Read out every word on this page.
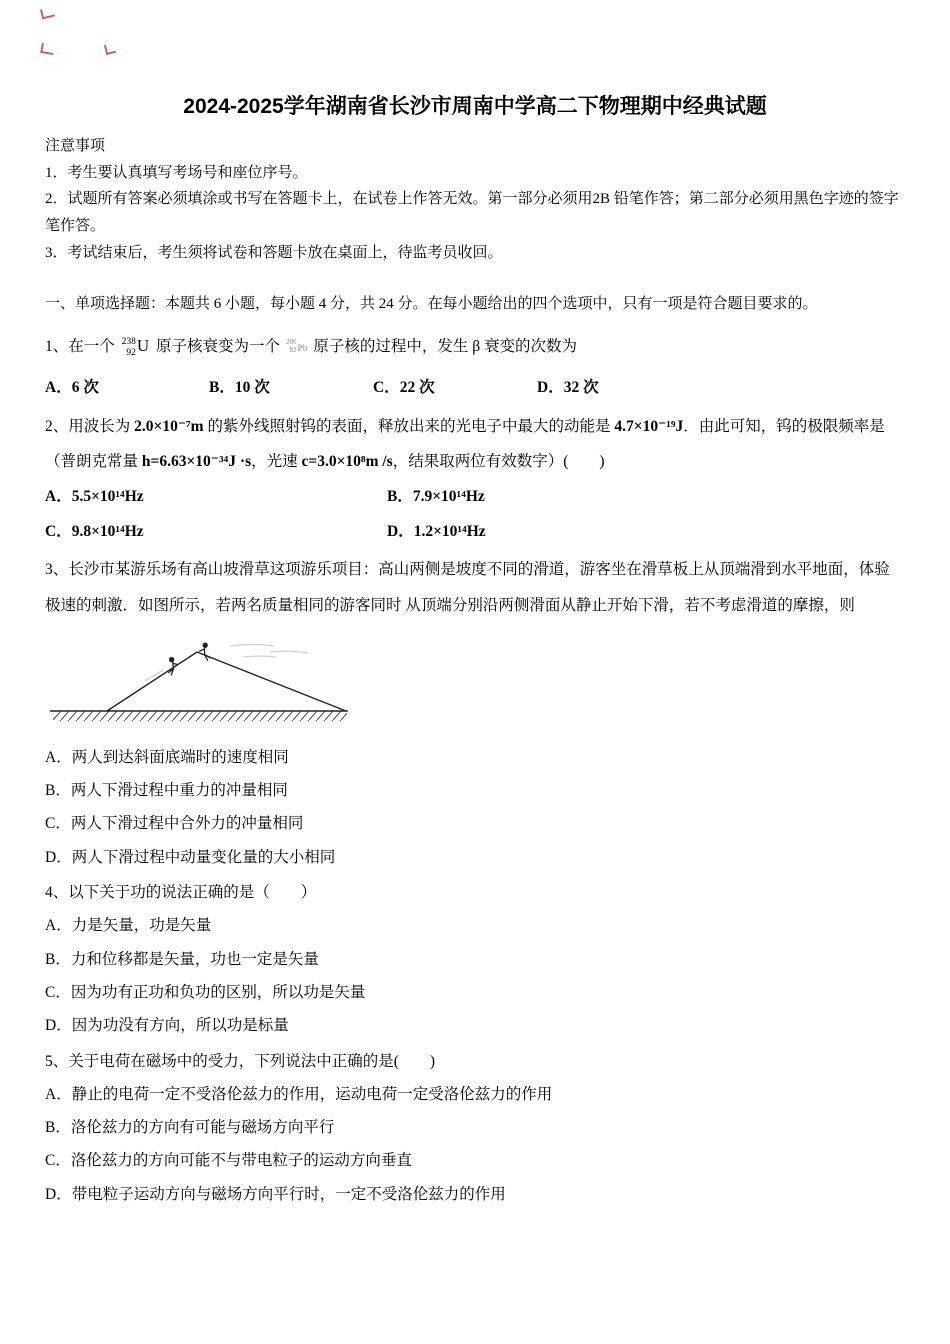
2024-2025学年湖南省长沙市周南中学高二下物理期中经典试题
注意事项
1．考生要认真填写考场号和座位序号。
2．试题所有答案必须填涂或书写在答题卡上，在试卷上作答无效。第一部分必须用2B 铅笔作答；第二部分必须用黑色字迹的签字笔作答。
3．考试结束后，考生须将试卷和答题卡放在桌面上，待监考员收回。
一、单项选择题：本题共 6 小题，每小题 4 分，共 24 分。在每小题给出的四个选项中，只有一项是符合题目要求的。
1、在一个 238
92 U 原子核衰变为一个 206
82 Pb 原子核的过程中，发生 β 衰变的次数为
A．6 次	B．10 次	C．22 次	D．32 次
2、用波长为 2.0×10⁻⁷m 的紫外线照射钨的表面，释放出来的光电子中最大的动能是 4.7×10⁻¹⁹J．由此可知，钨的极限频率是（普朗克常量 h=6.63×10⁻³⁴J ·s，光速 c=3.0×10⁸m /s，结果取两位有效数字）(　　)
A．5.5×10¹⁴Hz	B．7.9×10¹⁴Hz
C．9.8×10¹⁴Hz	D．1.2×10¹⁴Hz
3、长沙市某游乐场有高山坡滑草这项游乐项目：高山两侧是坡度不同的滑道，游客坐在滑草板上从顶端滑到水平地面，体验极速的刺激．如图所示，若两名质量相同的游客同时 从顶端分别沿两侧滑面从静止开始下滑，若不考虑滑道的摩擦，则
A．两人到达斜面底端时的速度相同
B．两人下滑过程中重力的冲量相同
C．两人下滑过程中合外力的冲量相同
D．两人下滑过程中动量变化量的大小相同
4、以下关于功的说法正确的是（　　）
A．力是矢量，功是矢量
B．力和位移都是矢量，功也一定是矢量
C．因为功有正功和负功的区别，所以功是矢量
D．因为功没有方向，所以功是标量
5、关于电荷在磁场中的受力，下列说法中正确的是(　　)
A．静止的电荷一定不受洛伦兹力的作用，运动电荷一定受洛伦兹力的作用
B．洛伦兹力的方向有可能与磁场方向平行
C．洛伦兹力的方向可能不与带电粒子的运动方向垂直
D．带电粒子运动方向与磁场方向平行时，一定不受洛伦兹力的作用
